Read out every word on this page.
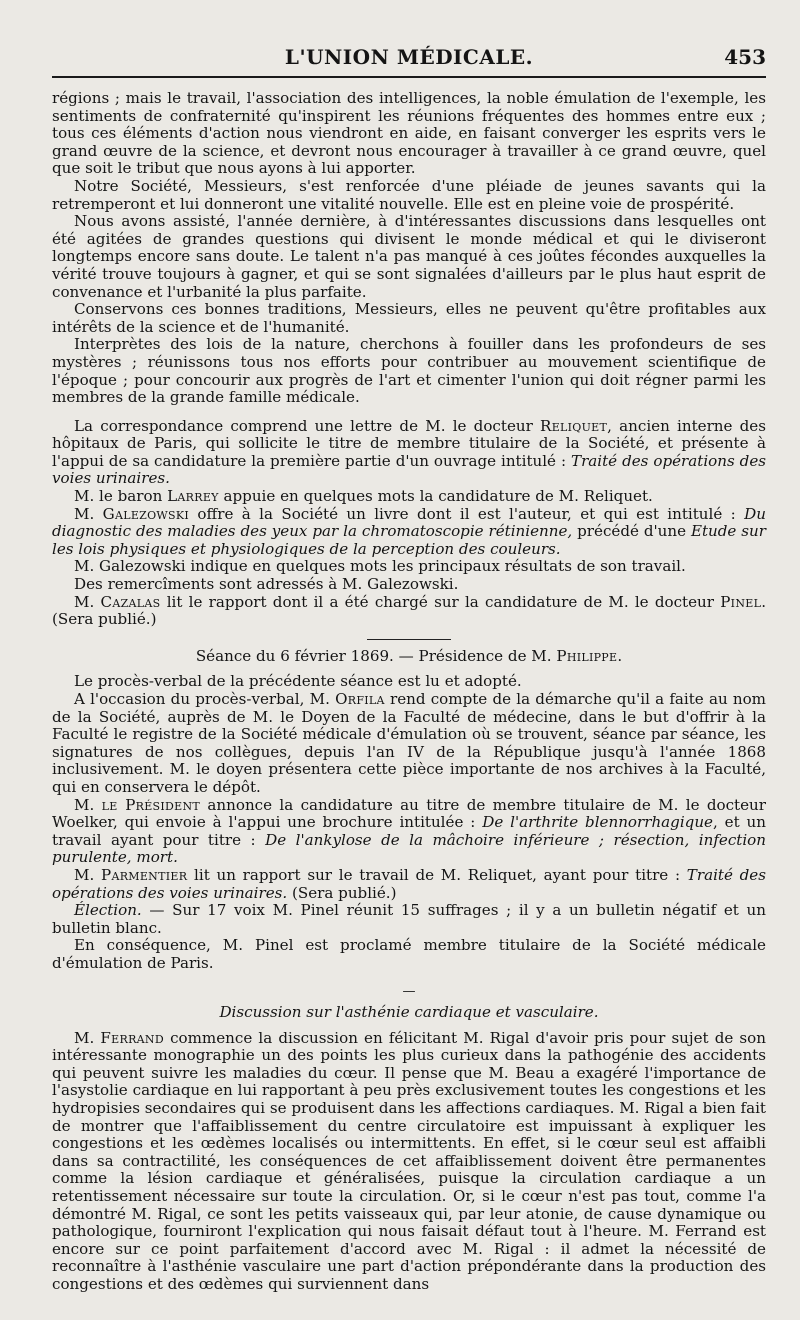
L'UNION MÉDICALE.	453

régions ; mais le travail, l'association des intelligences, la noble émulation de l'exemple, les sentiments de confraternité qu'inspirent les réunions fréquentes des hommes entre eux ; tous ces éléments d'action nous viendront en aide, en faisant converger les esprits vers le grand œuvre de la science, et devront nous encourager à travailler à ce grand œuvre, quel que soit le tribut que nous ayons à lui apporter.

Notre Société, Messieurs, s'est renforcée d'une pléiade de jeunes savants qui la retremperont et lui donneront une vitalité nouvelle. Elle est en pleine voie de prospérité.

Nous avons assisté, l'année dernière, à d'intéressantes discussions dans lesquelles ont été agitées de grandes questions qui divisent le monde médical et qui le diviseront longtemps encore sans doute. Le talent n'a pas manqué à ces joûtes fécondes auxquelles la vérité trouve toujours à gagner, et qui se sont signalées d'ailleurs par le plus haut esprit de convenance et l'urbanité la plus parfaite.

Conservons ces bonnes traditions, Messieurs, elles ne peuvent qu'être profitables aux intérêts de la science et de l'humanité.

Interprètes des lois de la nature, cherchons à fouiller dans les profondeurs de ses mystères ; réunissons tous nos efforts pour contribuer au mouvement scientifique de l'époque ; pour concourir aux progrès de l'art et cimenter l'union qui doit régner parmi les membres de la grande famille médicale.

La correspondance comprend une lettre de M. le docteur Reliquet, ancien interne des hôpitaux de Paris, qui sollicite le titre de membre titulaire de la Société, et présente à l'appui de sa candidature la première partie d'un ouvrage intitulé : Traité des opérations des voies urinaires.

M. le baron Larrey appuie en quelques mots la candidature de M. Reliquet.

M. Galezowski offre à la Société un livre dont il est l'auteur, et qui est intitulé : Du diagnostic des maladies des yeux par la chromatoscopie rétinienne, précédé d'une Etude sur les lois physiques et physiologiques de la perception des couleurs.

M. Galezowski indique en quelques mots les principaux résultats de son travail.

Des remercîments sont adressés à M. Galezowski.

M. Cazalas lit le rapport dont il a été chargé sur la candidature de M. le docteur Pinel. (Sera publié.)

Séance du 6 février 1869. — Présidence de M. Philippe.

Le procès-verbal de la précédente séance est lu et adopté.

A l'occasion du procès-verbal, M. Orfila rend compte de la démarche qu'il a faite au nom de la Société, auprès de M. le Doyen de la Faculté de médecine, dans le but d'offrir à la Faculté le registre de la Société médicale d'émulation où se trouvent, séance par séance, les signatures de nos collègues, depuis l'an IV de la République jusqu'à l'année 1868 inclusivement. M. le doyen présentera cette pièce importante de nos archives à la Faculté, qui en conservera le dépôt.

M. le Président annonce la candidature au titre de membre titulaire de M. le docteur Woelker, qui envoie à l'appui une brochure intitulée : De l'arthrite blennorrhagique, et un travail ayant pour titre : De l'ankylose de la mâchoire inférieure ; résection, infection purulente, mort.

M. Parmentier lit un rapport sur le travail de M. Reliquet, ayant pour titre : Traité des opérations des voies urinaires. (Sera publié.)

Élection. — Sur 17 voix M. Pinel réunit 15 suffrages ; il y a un bulletin négatif et un bulletin blanc.

En conséquence, M. Pinel est proclamé membre titulaire de la Société médicale d'émulation de Paris.

—

Discussion sur l'asthénie cardiaque et vasculaire.

M. Ferrand commence la discussion en félicitant M. Rigal d'avoir pris pour sujet de son intéressante monographie un des points les plus curieux dans la pathogénie des accidents qui peuvent suivre les maladies du cœur. Il pense que M. Beau a exagéré l'importance de l'asystolie cardiaque en lui rapportant à peu près exclusivement toutes les congestions et les hydropisies secondaires qui se produisent dans les affections cardiaques. M. Rigal a bien fait de montrer que l'affaiblissement du centre circulatoire est impuissant à expliquer les congestions et les œdèmes localisés ou intermittents. En effet, si le cœur seul est affaibli dans sa contractilité, les conséquences de cet affaiblissement doivent être permanentes comme la lésion cardiaque et généralisées, puisque la circulation cardiaque a un retentissement nécessaire sur toute la circulation. Or, si le cœur n'est pas tout, comme l'a démontré M. Rigal, ce sont les petits vaisseaux qui, par leur atonie, de cause dynamique ou pathologique, fourniront l'explication qui nous faisait défaut tout à l'heure. M. Ferrand est encore sur ce point parfaitement d'accord avec M. Rigal : il admet la nécessité de reconnaître à l'asthénie vasculaire une part d'action prépondérante dans la production des congestions et des œdèmes qui surviennent dans
